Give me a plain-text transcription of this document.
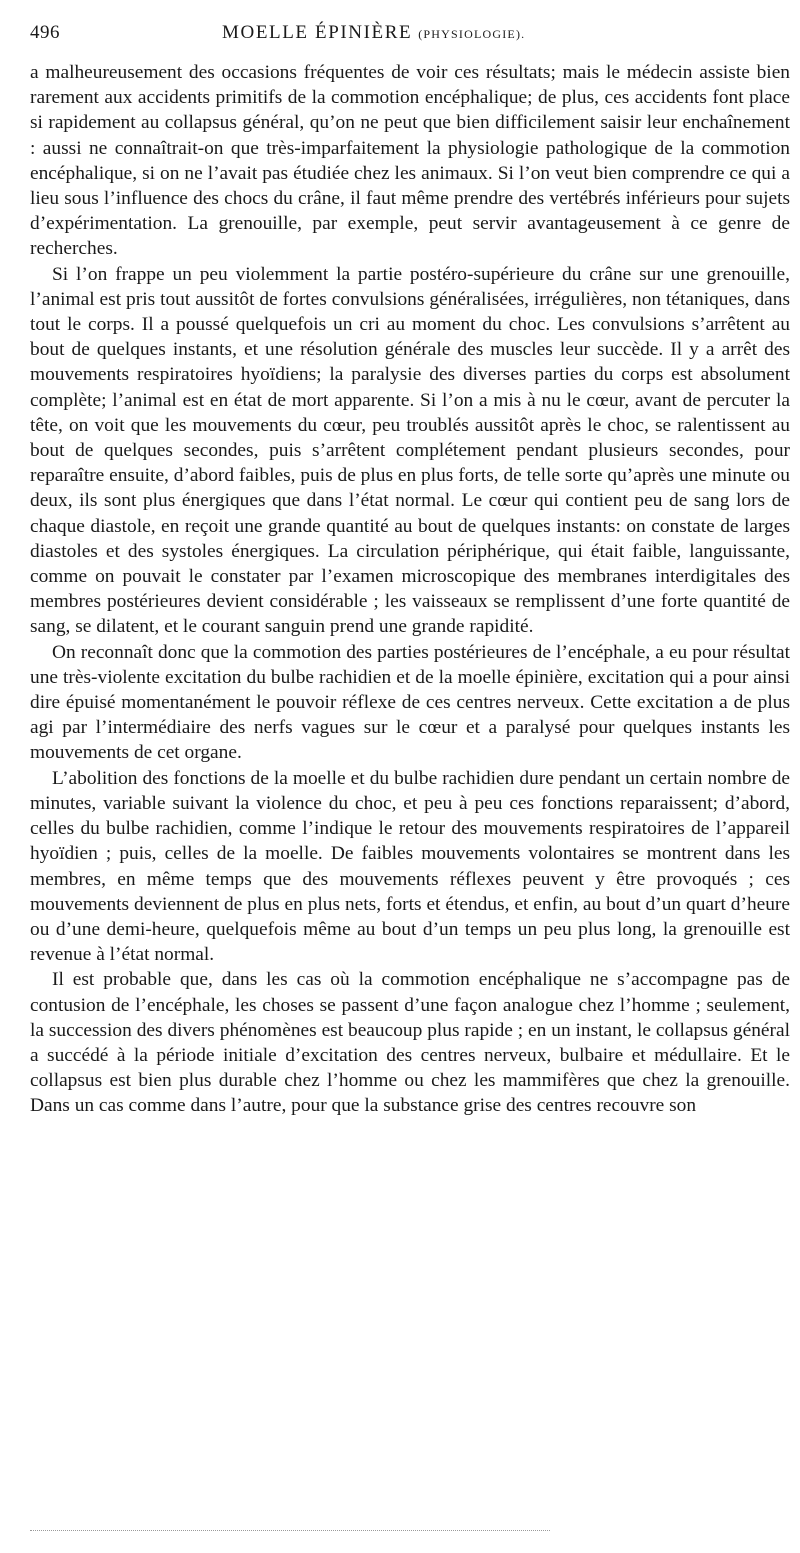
496	MOELLE ÉPINIÈRE (PHYSIOLOGIE).

a malheureusement des occasions fréquentes de voir ces résultats; mais le médecin assiste bien rarement aux accidents primitifs de la commotion encéphalique; de plus, ces accidents font place si rapidement au collapsus général, qu’on ne peut que bien difficilement saisir leur enchaînement : aussi ne connaîtrait-on que très-imparfaitement la physiologie pathologique de la commotion encéphalique, si on ne l’avait pas étudiée chez les animaux. Si l’on veut bien comprendre ce qui a lieu sous l’influence des chocs du crâne, il faut même prendre des vertébrés inférieurs pour sujets d’expérimentation. La grenouille, par exemple, peut servir avantageusement à ce genre de recherches.

Si l’on frappe un peu violemment la partie postéro-supérieure du crâne sur une grenouille, l’animal est pris tout aussitôt de fortes convulsions généralisées, irrégulières, non tétaniques, dans tout le corps. Il a poussé quelquefois un cri au moment du choc. Les convulsions s’arrêtent au bout de quelques instants, et une résolution générale des muscles leur succède. Il y a arrêt des mouvements respiratoires hyoïdiens; la paralysie des diverses parties du corps est absolument complète; l’animal est en état de mort apparente. Si l’on a mis à nu le cœur, avant de percuter la tête, on voit que les mouvements du cœur, peu troublés aussitôt après le choc, se ralentissent au bout de quelques secondes, puis s’arrêtent complétement pendant plusieurs secondes, pour reparaître ensuite, d’abord faibles, puis de plus en plus forts, de telle sorte qu’après une minute ou deux, ils sont plus énergiques que dans l’état normal. Le cœur qui contient peu de sang lors de chaque diastole, en reçoit une grande quantité au bout de quelques instants: on constate de larges diastoles et des systoles énergiques. La circulation périphérique, qui était faible, languissante, comme on pouvait le constater par l’examen microscopique des membranes interdigitales des membres postérieures devient considérable ; les vaisseaux se remplissent d’une forte quantité de sang, se dilatent, et le courant sanguin prend une grande rapidité.

On reconnaît donc que la commotion des parties postérieures de l’encéphale, a eu pour résultat une très-violente excitation du bulbe rachidien et de la moelle épinière, excitation qui a pour ainsi dire épuisé momentanément le pouvoir réflexe de ces centres nerveux. Cette excitation a de plus agi par l’intermédiaire des nerfs vagues sur le cœur et a paralysé pour quelques instants les mouvements de cet organe.

L’abolition des fonctions de la moelle et du bulbe rachidien dure pendant un certain nombre de minutes, variable suivant la violence du choc, et peu à peu ces fonctions reparaissent; d’abord, celles du bulbe rachidien, comme l’indique le retour des mouvements respiratoires de l’appareil hyoïdien ; puis, celles de la moelle. De faibles mouvements volontaires se montrent dans les membres, en même temps que des mouvements réflexes peuvent y être provoqués ; ces mouvements deviennent de plus en plus nets, forts et étendus, et enfin, au bout d’un quart d’heure ou d’une demi-heure, quelquefois même au bout d’un temps un peu plus long, la grenouille est revenue à l’état normal.

Il est probable que, dans les cas où la commotion encéphalique ne s’accompagne pas de contusion de l’encéphale, les choses se passent d’une façon analogue chez l’homme ; seulement, la succession des divers phénomènes est beaucoup plus rapide ; en un instant, le collapsus général a succédé à la période initiale d’excitation des centres nerveux, bulbaire et médullaire. Et le collapsus est bien plus durable chez l’homme ou chez les mammifères que chez la grenouille. Dans un cas comme dans l’autre, pour que la substance grise des centres recouvre son
